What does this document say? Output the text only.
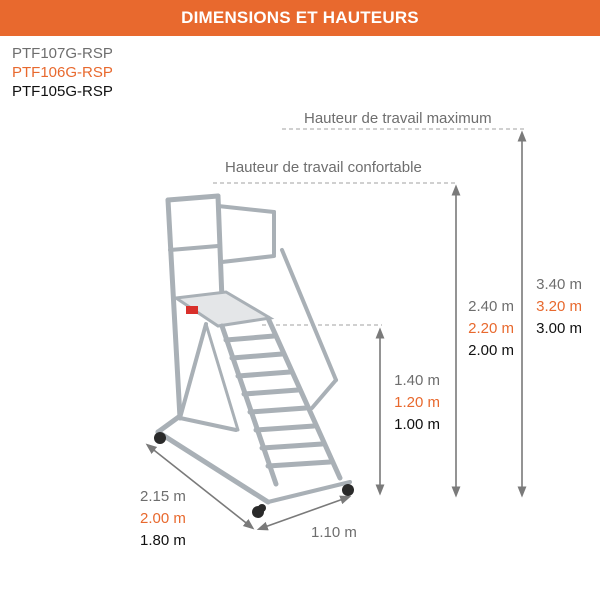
DIMENSIONS ET HAUTEURS
PTF107G-RSP
PTF106G-RSP
PTF105G-RSP
Hauteur de travail maximum
Hauteur de travail confortable
3.40 m
3.20 m
3.00 m
2.40 m
2.20 m
2.00 m
1.40 m
1.20 m
1.00 m
2.15 m
2.00 m
1.80 m	1.10 m
